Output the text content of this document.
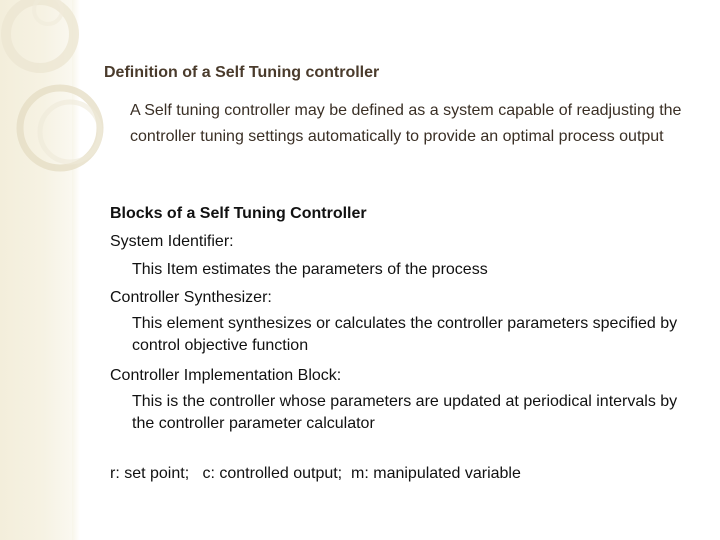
Definition of a Self Tuning controller
A Self tuning controller may be defined as a system capable of readjusting the controller tuning settings automatically to provide an optimal process output
Blocks of a Self Tuning Controller
System Identifier:
This Item estimates the parameters of the process
Controller Synthesizer:
This element synthesizes or calculates the controller parameters specified by control objective function
Controller Implementation Block:
This is the controller whose parameters are updated at periodical intervals by the controller parameter calculator
r: set point;   c: controlled output;  m: manipulated variable
